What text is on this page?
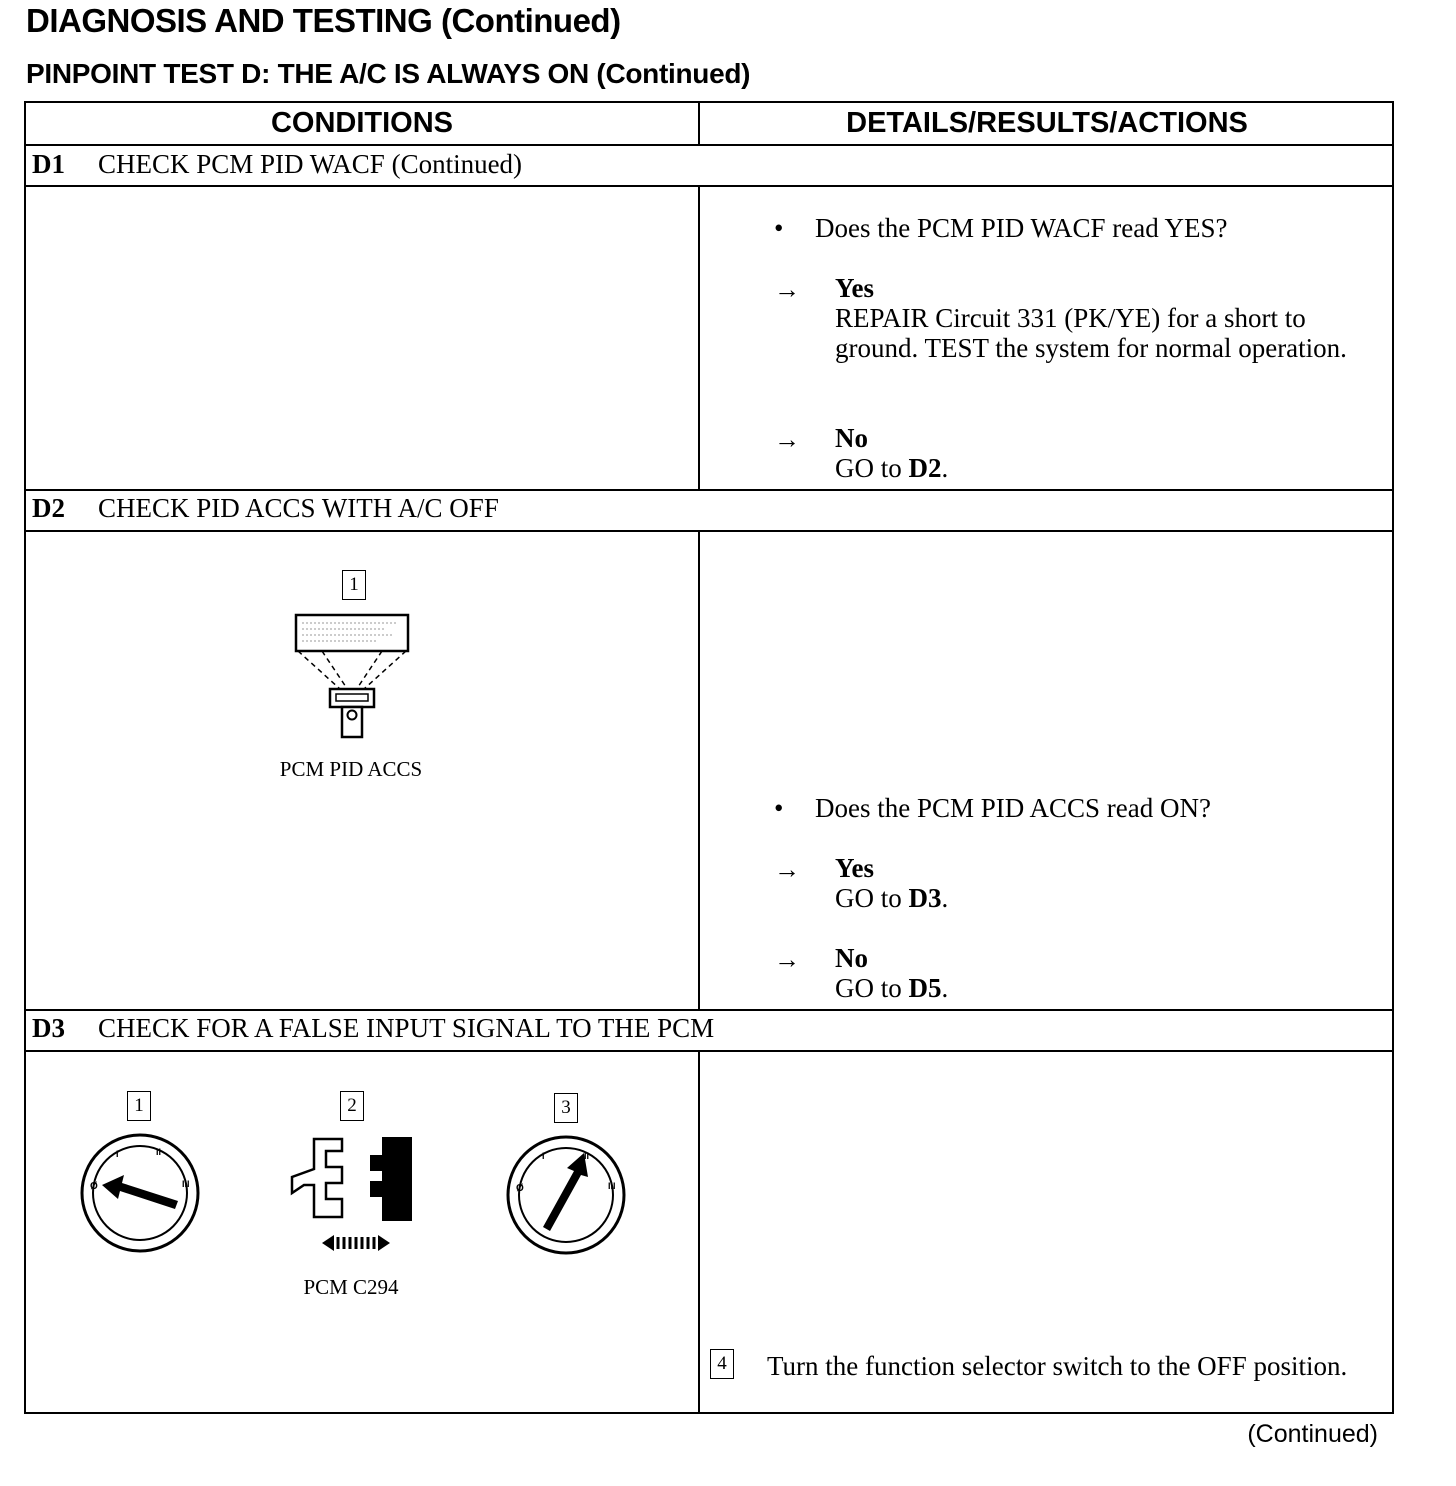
DIAGNOSIS AND TESTING (Continued)
PINPOINT TEST D: THE A/C IS ALWAYS ON (Continued)
CONDITIONS	DETAILS/RESULTS/ACTIONS
D1 CHECK PCM PID WACF (Continued)
• Does the PCM PID WACF read YES?
→ Yes
REPAIR Circuit 331 (PK/YE) for a short to ground. TEST the system for normal operation.
→ No
GO to D2.
D2 CHECK PID ACCS WITH A/C OFF
1
PCM PID ACCS
• Does the PCM PID ACCS read ON?
→ Yes
GO to D3.
→ No
GO to D5.
D3 CHECK FOR A FALSE INPUT SIGNAL TO THE PCM
1	2	3
Ø
I	II
III
PCM C294
Ø
I	II
III
4 Turn the function selector switch to the OFF position.
(Continued)
